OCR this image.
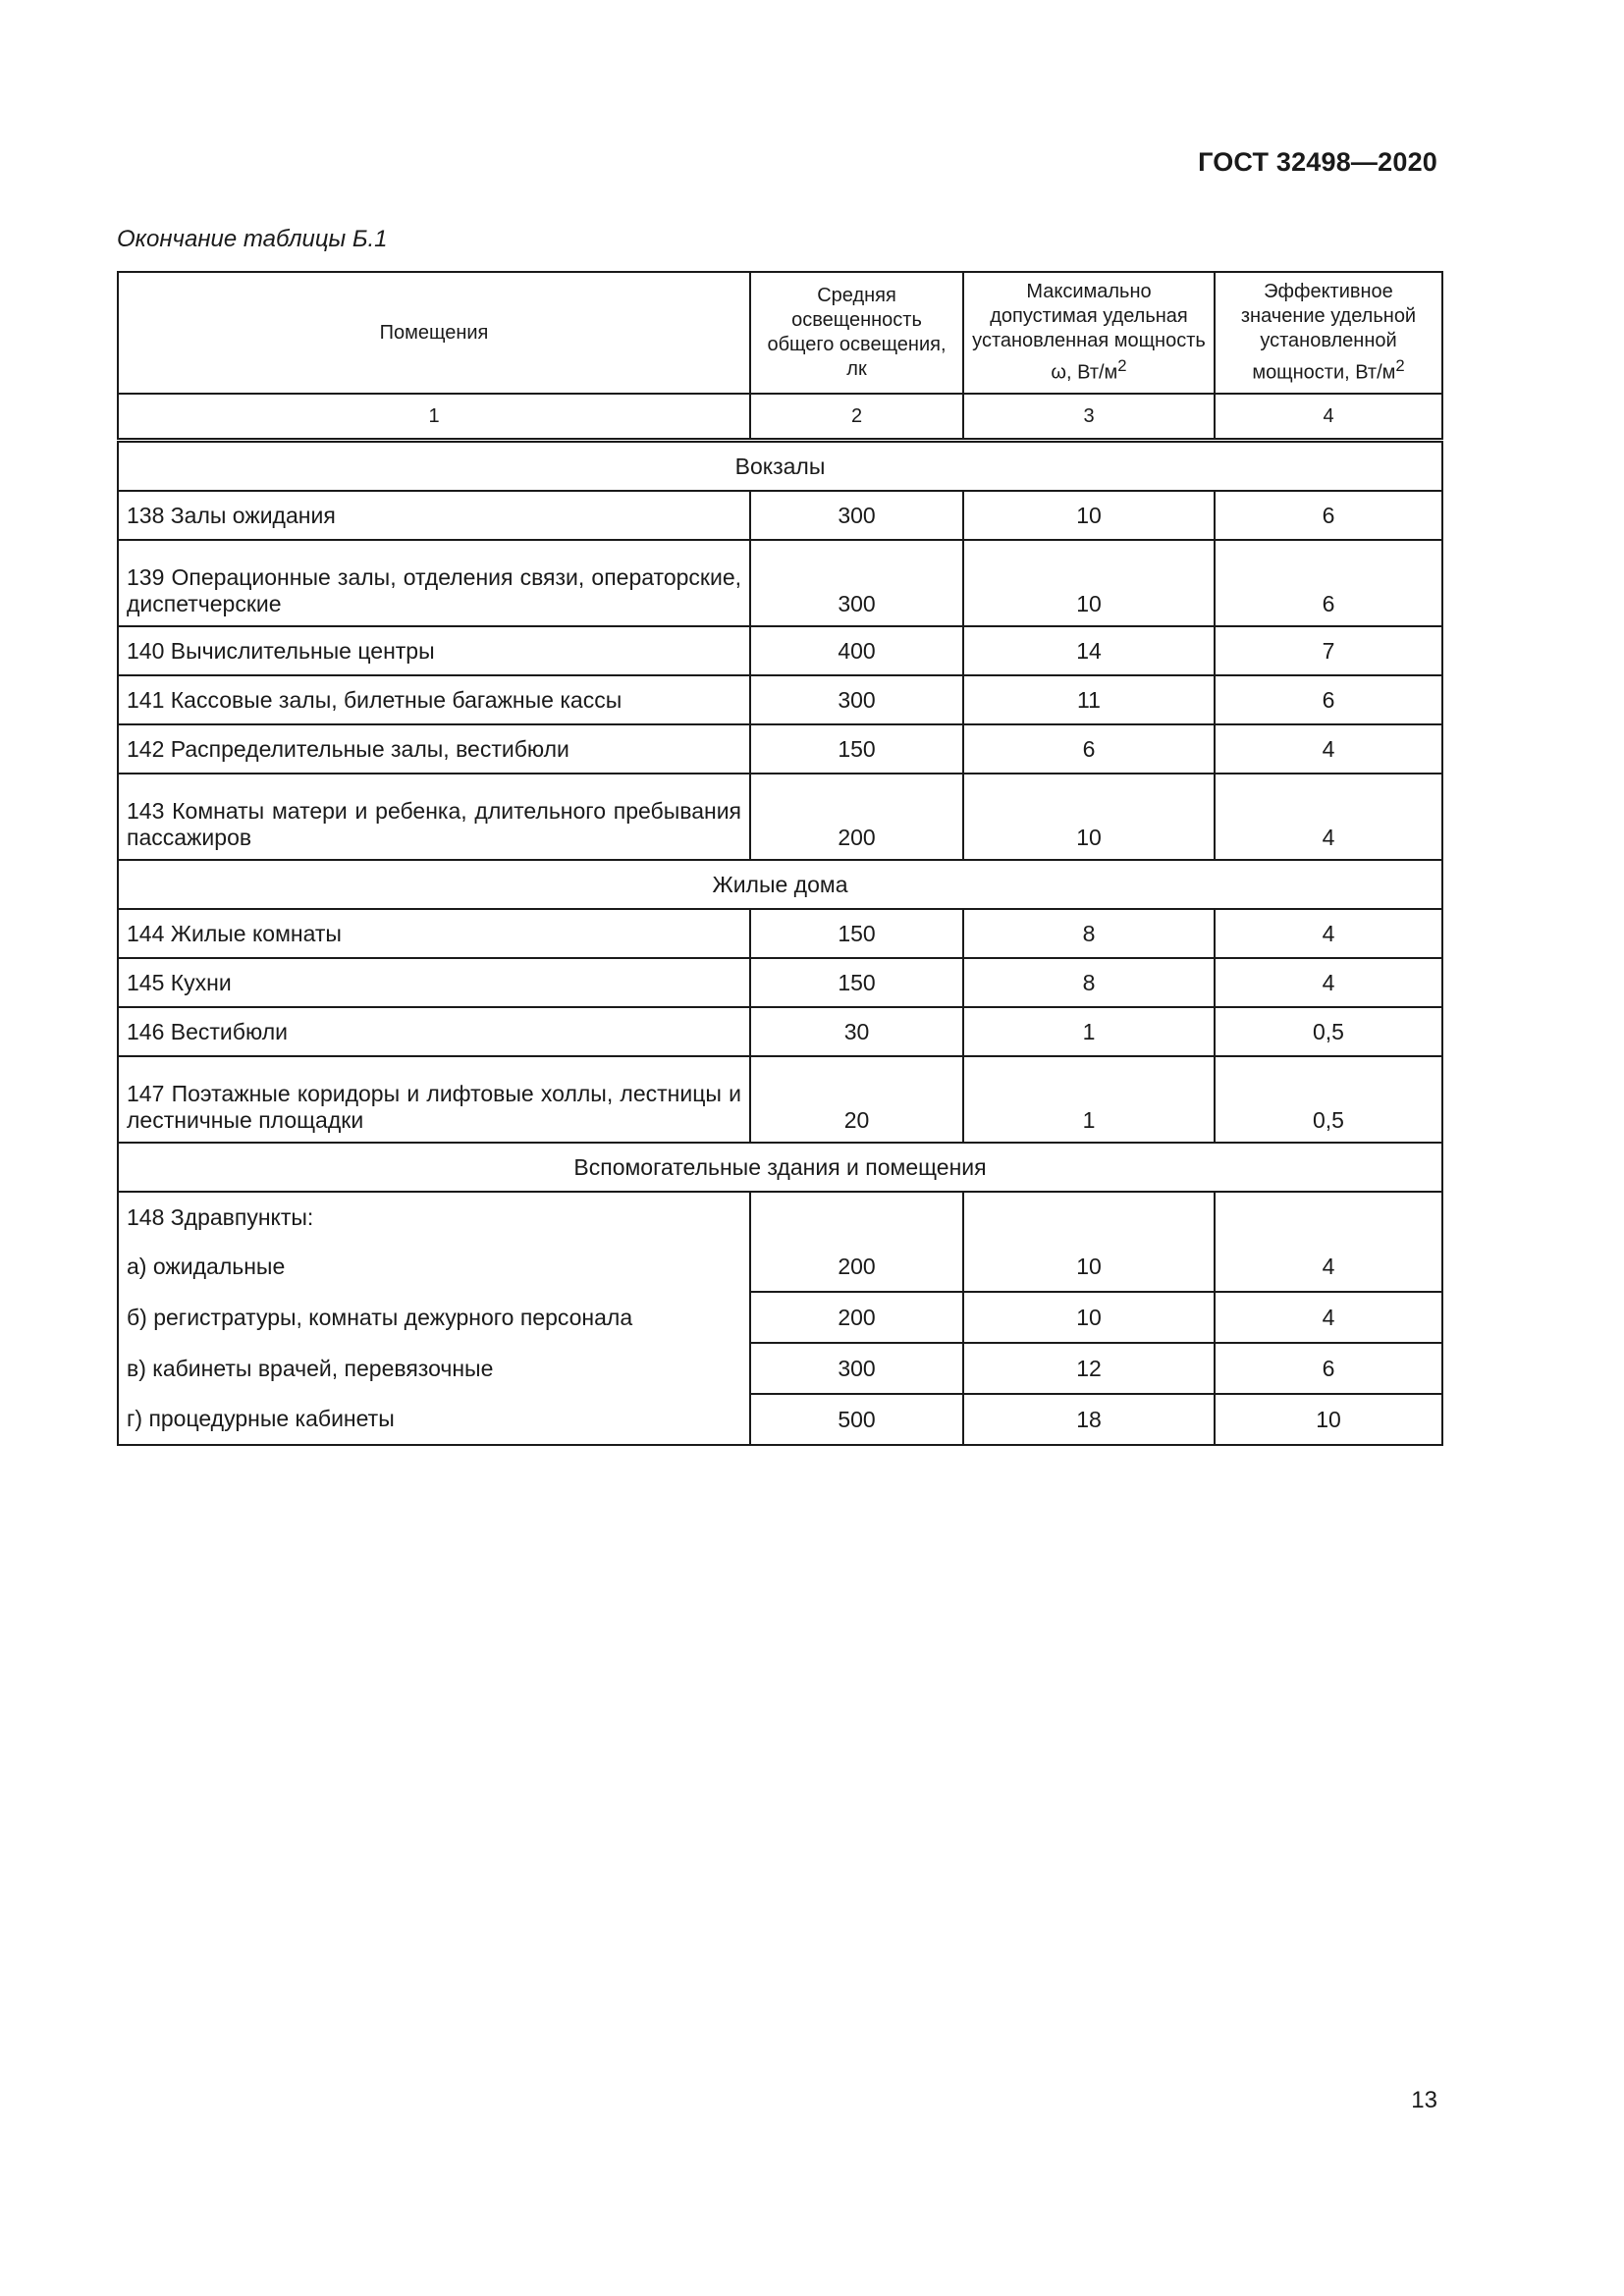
ГОСТ 32498—2020
Окончание таблицы Б.1
Помещения	Средняя освещенность общего освещения, лк	Максимально допустимая удельная установленная мощность ω, $Вт/м^2$	Эффективное значение удельной установленной мощности, $Вт/м^2$
1	2	3	4
Вокзалы			
138 Залы ожидания	300	10	6
139 Операционные залы, отделения связи, операторские, диспетчерские	300	10	6
140 Вычислительные центры	400	14	7
141 Кассовые залы, билетные багажные кассы	300	11	6
142 Распределительные залы, вестибюли	150	6	4
143 Комнаты матери и ребенка, длительного пребывания пассажиров	200	10	4
Жилые дома			
144 Жилые комнаты	150	8	4
145 Кухни	150	8	4
146 Вестибюли	30	1	0,5
147 Поэтажные коридоры и лифтовые холлы, лестницы и лестничные площадки	20	1	0,5
Вспомогательные здания и помещения			
148 Здравпункты:			
а) ожидальные	200	10	4
б) регистратуры, комнаты дежурного персонала	200	10	4
в) кабинеты врачей, перевязочные	300	12	6
г) процедурные кабинеты	500	18	10
13
